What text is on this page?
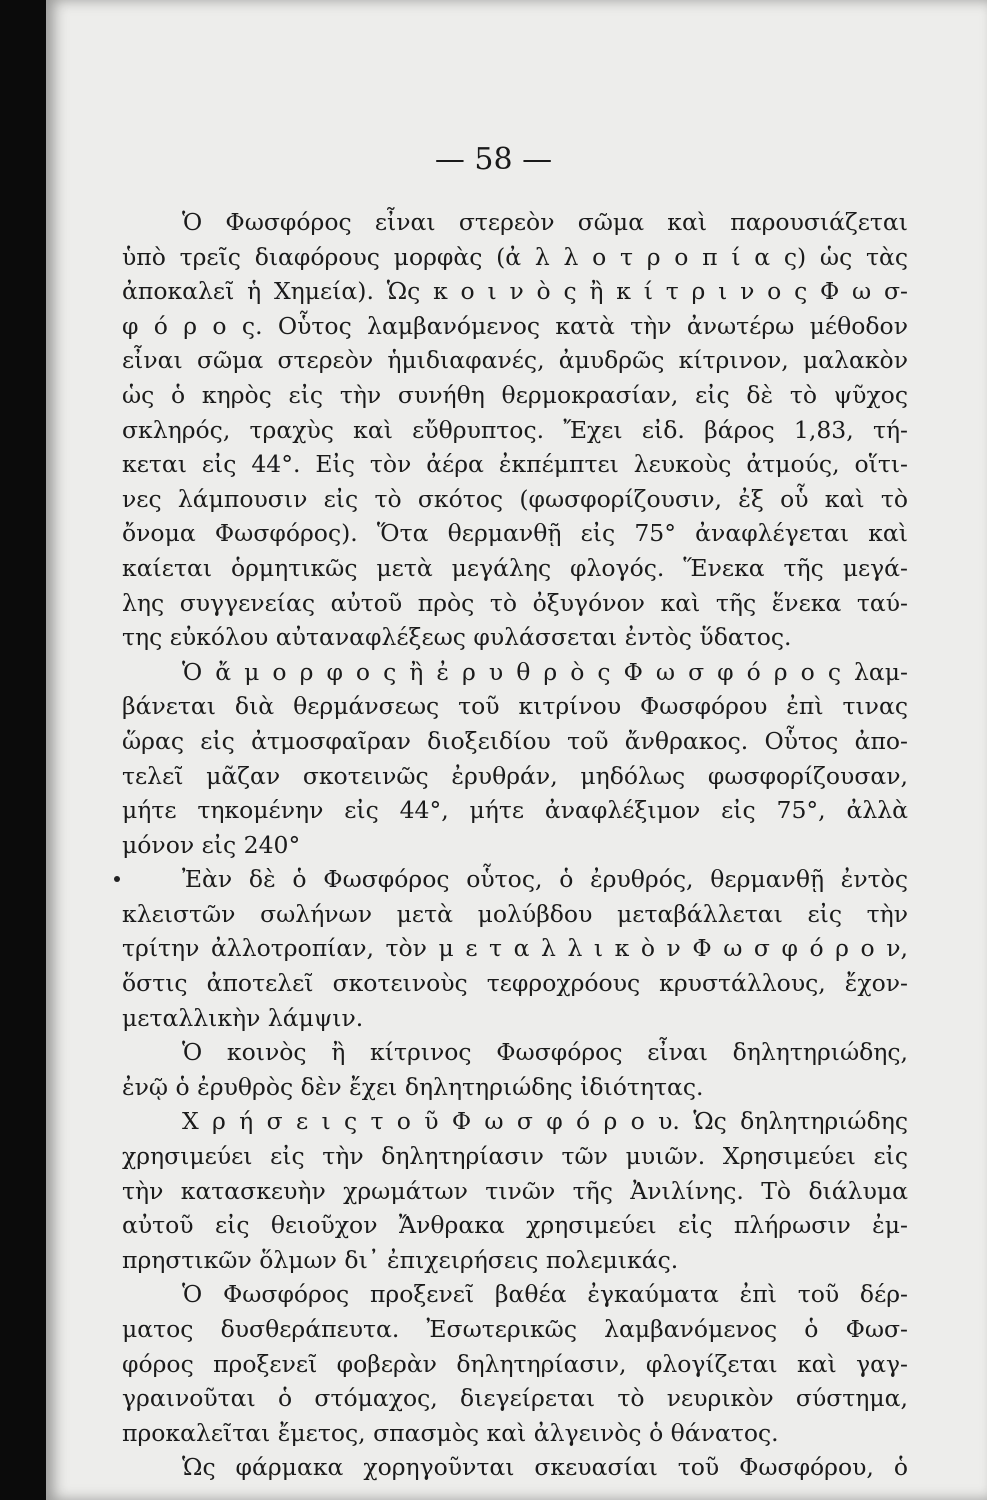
— 58 —
Ὁ Φωσφόρος εἶναι στερεὸν σῶμα καὶ παρουσιάζεται
ὑπὸ τρεῖς διαφόρους μορφὰς (ἀ λ λ ο τ ρ ο π ί α ς) ὡς τὰς
ἀποκαλεῖ ἡ Χημεία). Ὡς κ ο ι ν ὸ ς ἢ κ ί τ ρ ι ν ο ς Φ ω σ-
φ ό ρ ο ς. Οὗτος λαμβανόμενος κατὰ τὴν ἀνωτέρω μέθοδον
εἶναι σῶμα στερεὸν ἡμιδιαφανές, ἀμυδρῶς κίτρινον, μαλακὸν
ὡς ὁ κηρὸς εἰς τὴν συνήθη θερμοκρασίαν, εἰς δὲ τὸ ψῦχος
σκληρός, τραχὺς καὶ εὔθρυπτος. Ἔχει εἰδ. βάρος 1,83, τή-
κεται εἰς 44°. Εἰς τὸν ἀέρα ἐκπέμπτει λευκοὺς ἀτμούς, οἵτι-
νες λάμπουσιν εἰς τὸ σκότος (φωσφορίζουσιν, ἐξ οὗ καὶ τὸ
ὄνομα Φωσφόρος). Ὅτα θερμανθῇ εἰς 75° ἀναφλέγεται καὶ
καίεται ὁρμητικῶς μετὰ μεγάλης φλογός. Ἕνεκα τῆς μεγά-
λης συγγενείας αὐτοῦ πρὸς τὸ ὀξυγόνον καὶ τῆς ἕνεκα ταύ-
της εὐκόλου αὐταναφλέξεως φυλάσσεται ἐντὸς ὕδατος.
Ὁ ἄ μ ο ρ φ ο ς ἢ ἐ ρ υ θ ρ ὸ ς Φ ω σ φ ό ρ ο ς λαμ-
βάνεται διὰ θερμάνσεως τοῦ κιτρίνου Φωσφόρου ἐπὶ τινας
ὥρας εἰς ἀτμοσφαῖραν διοξειδίου τοῦ ἄνθρακος. Οὗτος ἀπο-
τελεῖ μᾶζαν σκοτεινῶς ἐρυθράν, μηδόλως φωσφορίζουσαν,
μήτε τηκομένην εἰς 44°, μήτε ἀναφλέξιμον εἰς 75°, ἀλλὰ
μόνον εἰς 240°
Ἐὰν δὲ ὁ Φωσφόρος οὗτος, ὁ ἐρυθρός, θερμανθῇ ἐντὸς
κλειστῶν σωλήνων μετὰ μολύβδου μεταβάλλεται εἰς τὴν
τρίτην ἀλλοτροπίαν, τὸν μ ε τ α λ λ ι κ ὸ ν Φ ω σ φ ό ρ ο ν,
ὅστις ἀποτελεῖ σκοτεινοὺς τεφροχρόους κρυστάλλους, ἔχον-
μεταλλικὴν λάμψιν.
Ὁ κοινὸς ἢ κίτρινος Φωσφόρος εἶναι δηλητηριώδης,
ἐνῷ ὁ ἐρυθρὸς δὲν ἔχει δηλητηριώδης ἰδιότητας.
Χ ρ ή σ ε ι ς τ ο ῦ Φ ω σ φ ό ρ ο υ. Ὡς δηλητηριώδης
χρησιμεύει εἰς τὴν δηλητηρίασιν τῶν μυιῶν. Χρησιμεύει εἰς
τὴν κατασκευὴν χρωμάτων τινῶν τῆς Ἀνιλίνης. Τὸ διάλυμα
αὐτοῦ εἰς θειοῦχον Ἄνθρακα χρησιμεύει εἰς πλήρωσιν ἐμ-
πρηστικῶν ὅλμων δι᾽ ἐπιχειρήσεις πολεμικάς.
Ὁ Φωσφόρος προξενεῖ βαθέα ἐγκαύματα ἐπὶ τοῦ δέρ-
ματος δυσθεράπευτα. Ἐσωτερικῶς λαμβανόμενος ὁ Φωσ-
φόρος προξενεῖ φοβερὰν δηλητηρίασιν, φλογίζεται καὶ γαγ-
γραινοῦται ὁ στόμαχος, διεγείρεται τὸ νευρικὸν σύστημα,
προκαλεῖται ἔμετος, σπασμὸς καὶ ἀλγεινὸς ὁ θάνατος.
Ὡς φάρμακα χορηγοῦνται σκευασίαι τοῦ Φωσφόρου, ὁ
